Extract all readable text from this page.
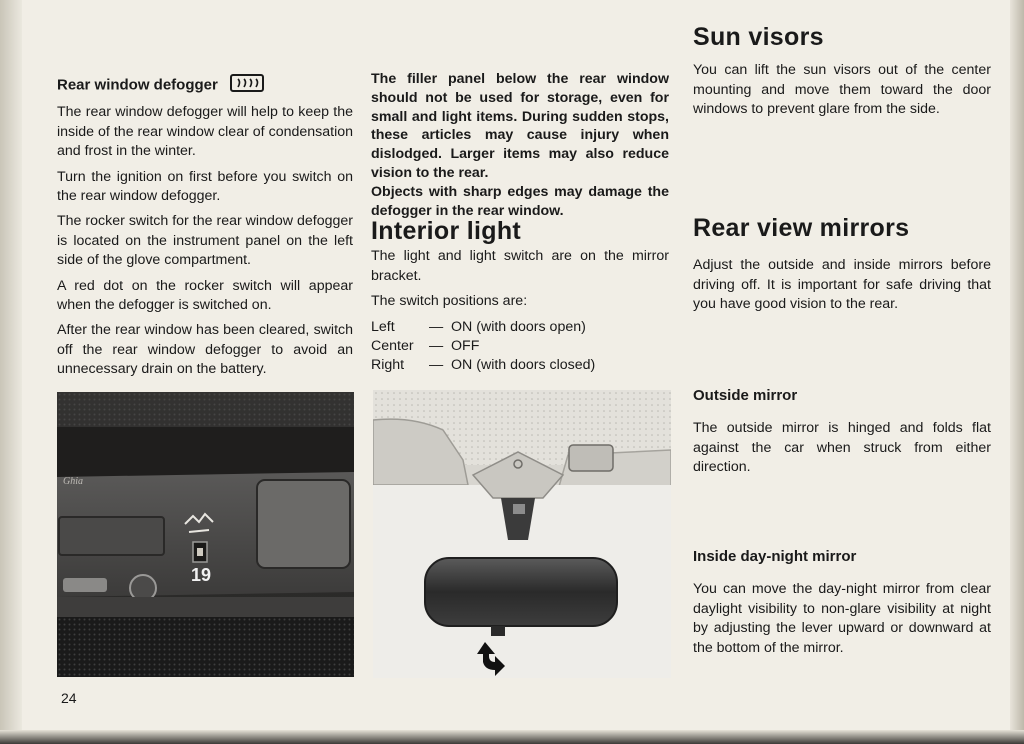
Rear window defogger

The rear window defogger will help to keep the inside of the rear window clear of condensation and frost in the winter.

Turn the ignition on first before you switch on the rear window defogger.

The rocker switch for the rear window defogger is located on the instrument panel on the left side of the glove compartment.

A red dot on the rocker switch will appear when the defogger is switched on.

After the rear window has been cleared, switch off the rear window defogger to avoid an unnecessary drain on the battery.

Ghia
19

The filler panel below the rear window should not be used for storage, even for small and light items. During sudden stops, these articles may cause injury when dislodged. Larger items may also reduce vision to the rear.

Objects with sharp edges may damage the defogger in the rear window.

Interior light

The light and light switch are on the mirror bracket.

The switch positions are:

Left	— ON (with doors open)
Center	— OFF
Right	— ON (with doors closed)
Sun visors

You can lift the sun visors out of the center mounting and move them toward the door windows to prevent glare from the side.

Rear view mirrors

Adjust the outside and inside mirrors before driving off. It is important for safe driving that you have good vision to the rear.

Outside mirror

The outside mirror is hinged and folds flat against the car when struck from either direction.

Inside day-night mirror

You can move the day-night mirror from clear daylight visibility to non-glare visibility at night by adjusting the lever upward or downward at the bottom of the mirror.

24
